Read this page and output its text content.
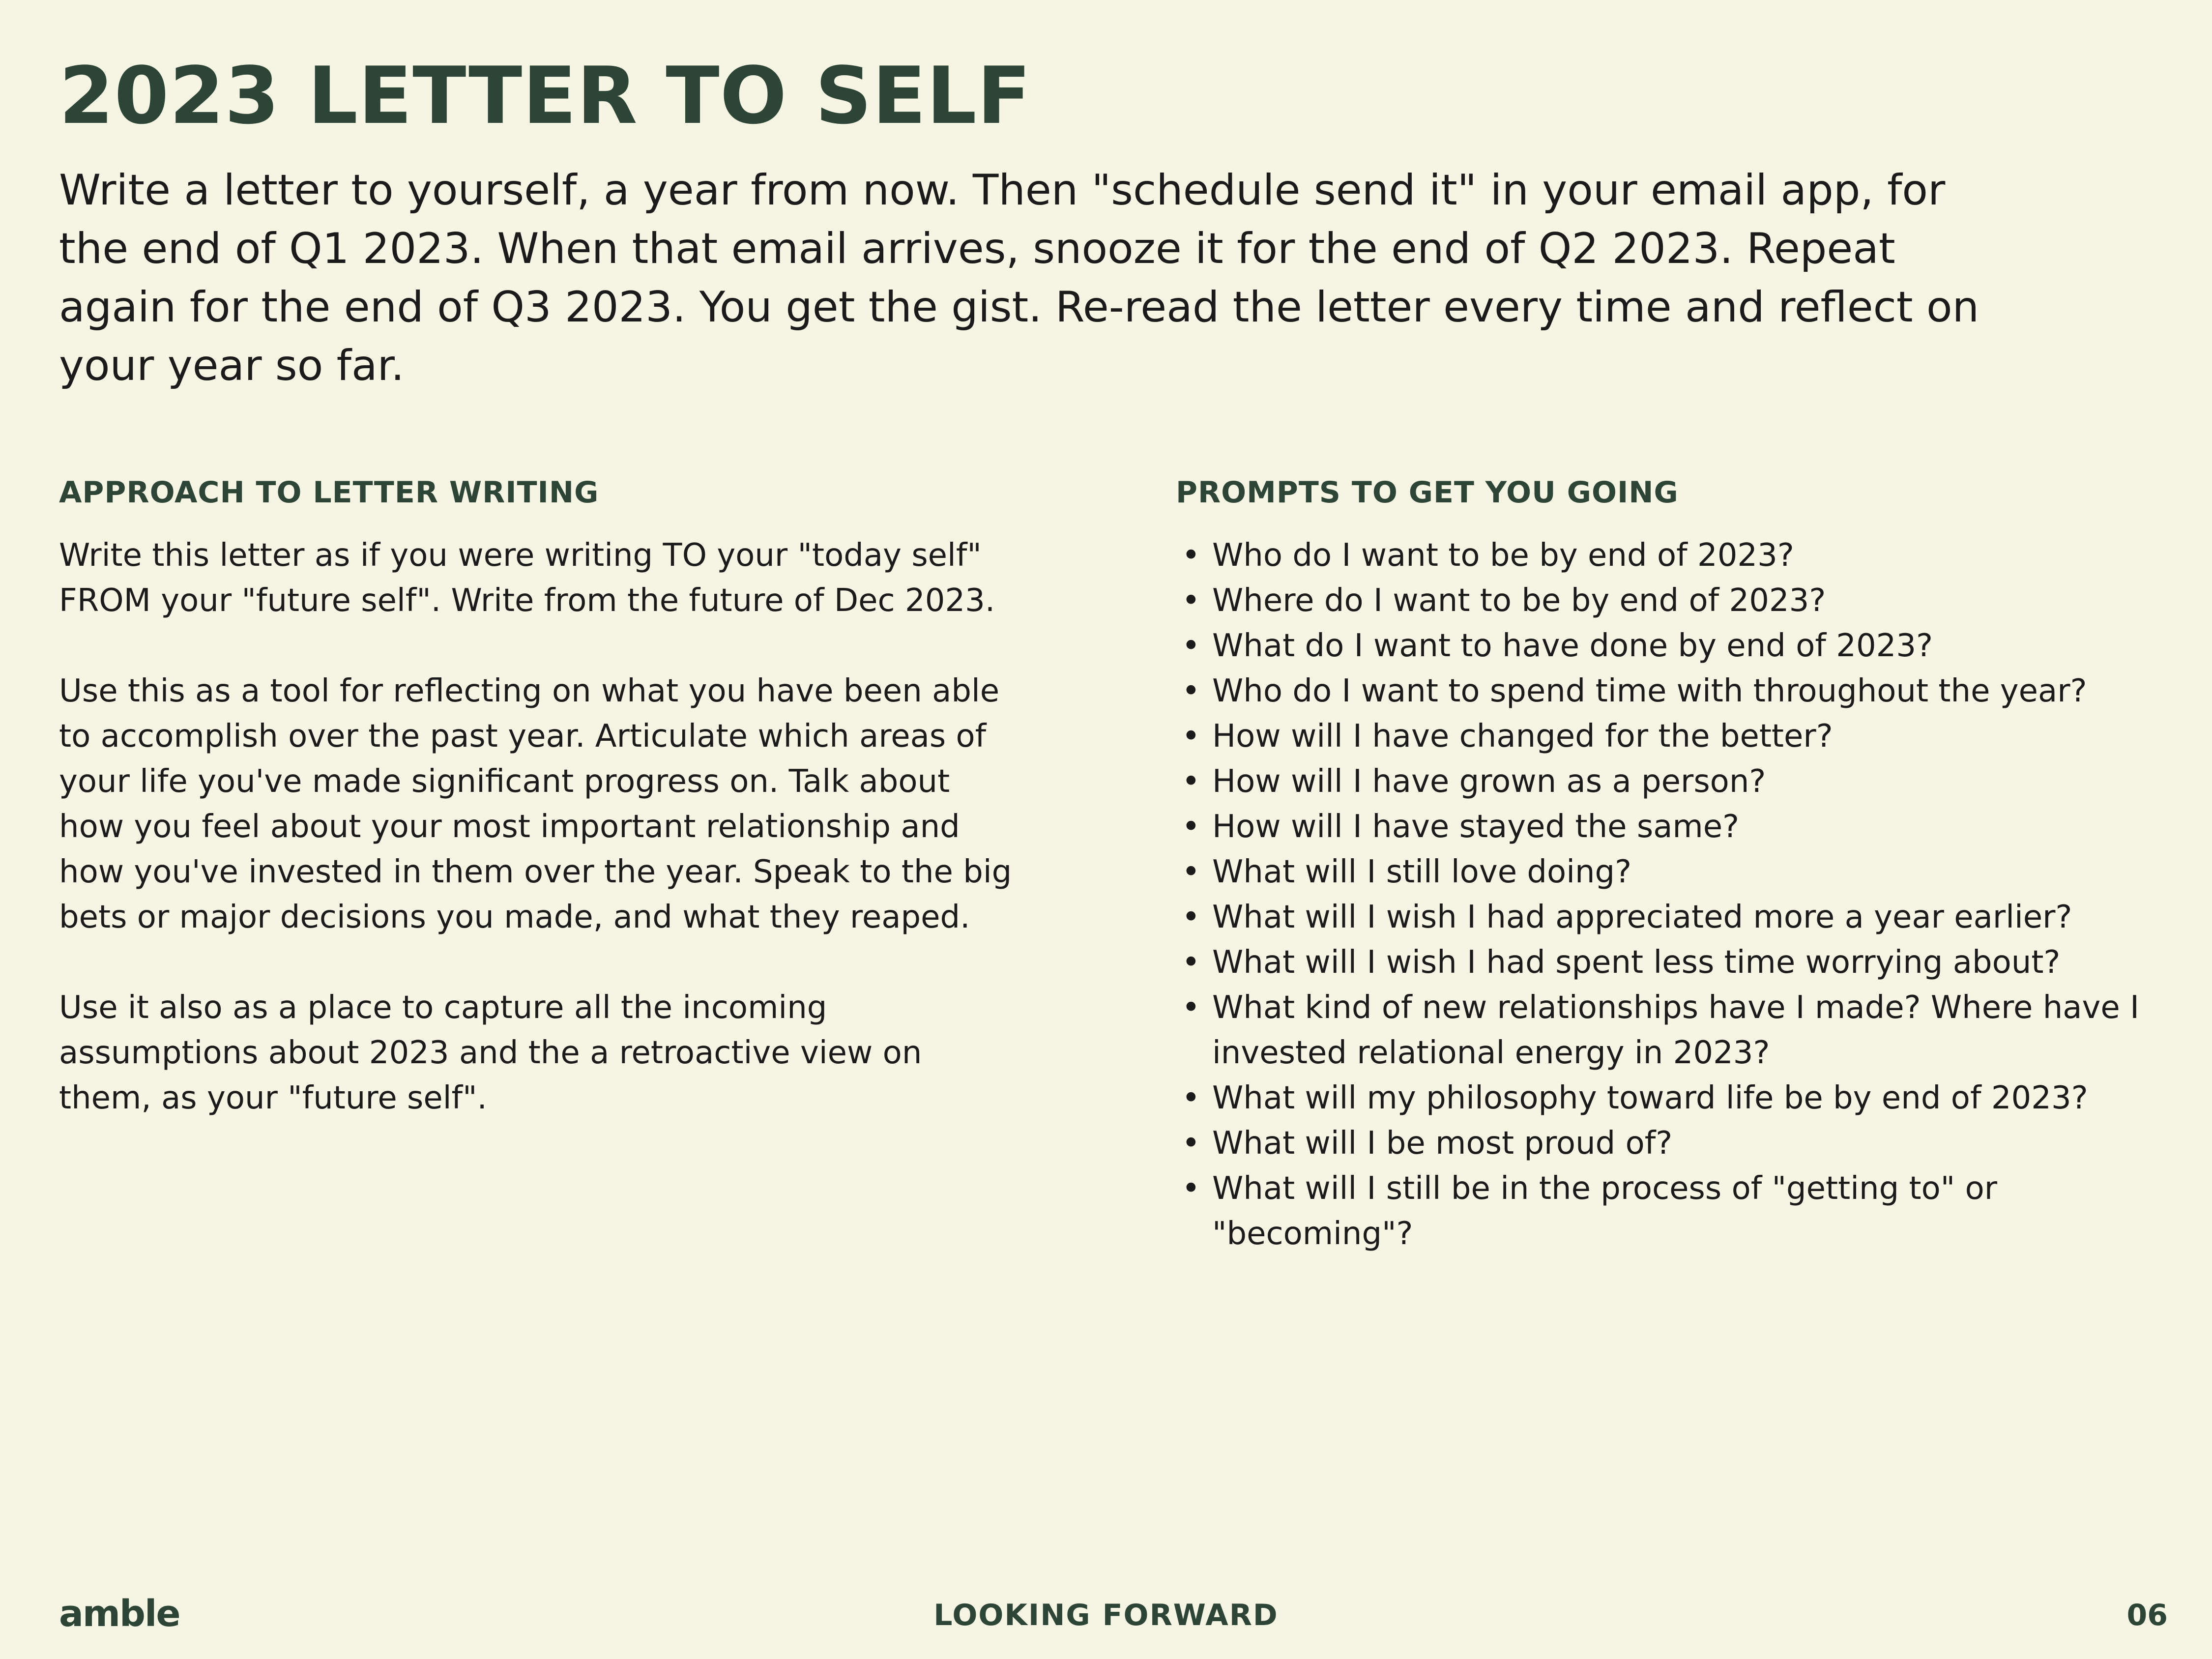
2023 LETTER TO SELF

Write a letter to yourself, a year from now. Then "schedule send it" in your email app, for the end of Q1 2023. When that email arrives, snooze it for the end of Q2 2023. Repeat again for the end of Q3 2023. You get the gist. Re-read the letter every time and reflect on your year so far.

APPROACH TO LETTER WRITING

Write this letter as if you were writing TO your "today self" FROM your "future self". Write from the future of Dec 2023.

Use this as a tool for reflecting on what you have been able to accomplish over the past year. Articulate which areas of your life you've made significant progress on. Talk about how you feel about your most important relationship and how you've invested in them over the year. Speak to the big bets or major decisions you made, and what they reaped.

Use it also as a place to capture all the incoming assumptions about 2023 and the a retroactive view on them, as your "future self".

PROMPTS TO GET YOU GOING
• Who do I want to be by end of 2023?
• Where do I want to be by end of 2023?
• What do I want to have done by end of 2023?
• Who do I want to spend time with throughout the year?
• How will I have changed for the better?
• How will I have grown as a person?
• How will I have stayed the same?
• What will I still love doing?
• What will I wish I had appreciated more a year earlier?
• What will I wish I had spent less time worrying about?
• What kind of new relationships have I made? Where have I invested relational energy in 2023?
• What will my philosophy toward life be by end of 2023?
• What will I be most proud of?
• What will I still be in the process of "getting to" or "becoming"?
amble	LOOKING FORWARD	06
